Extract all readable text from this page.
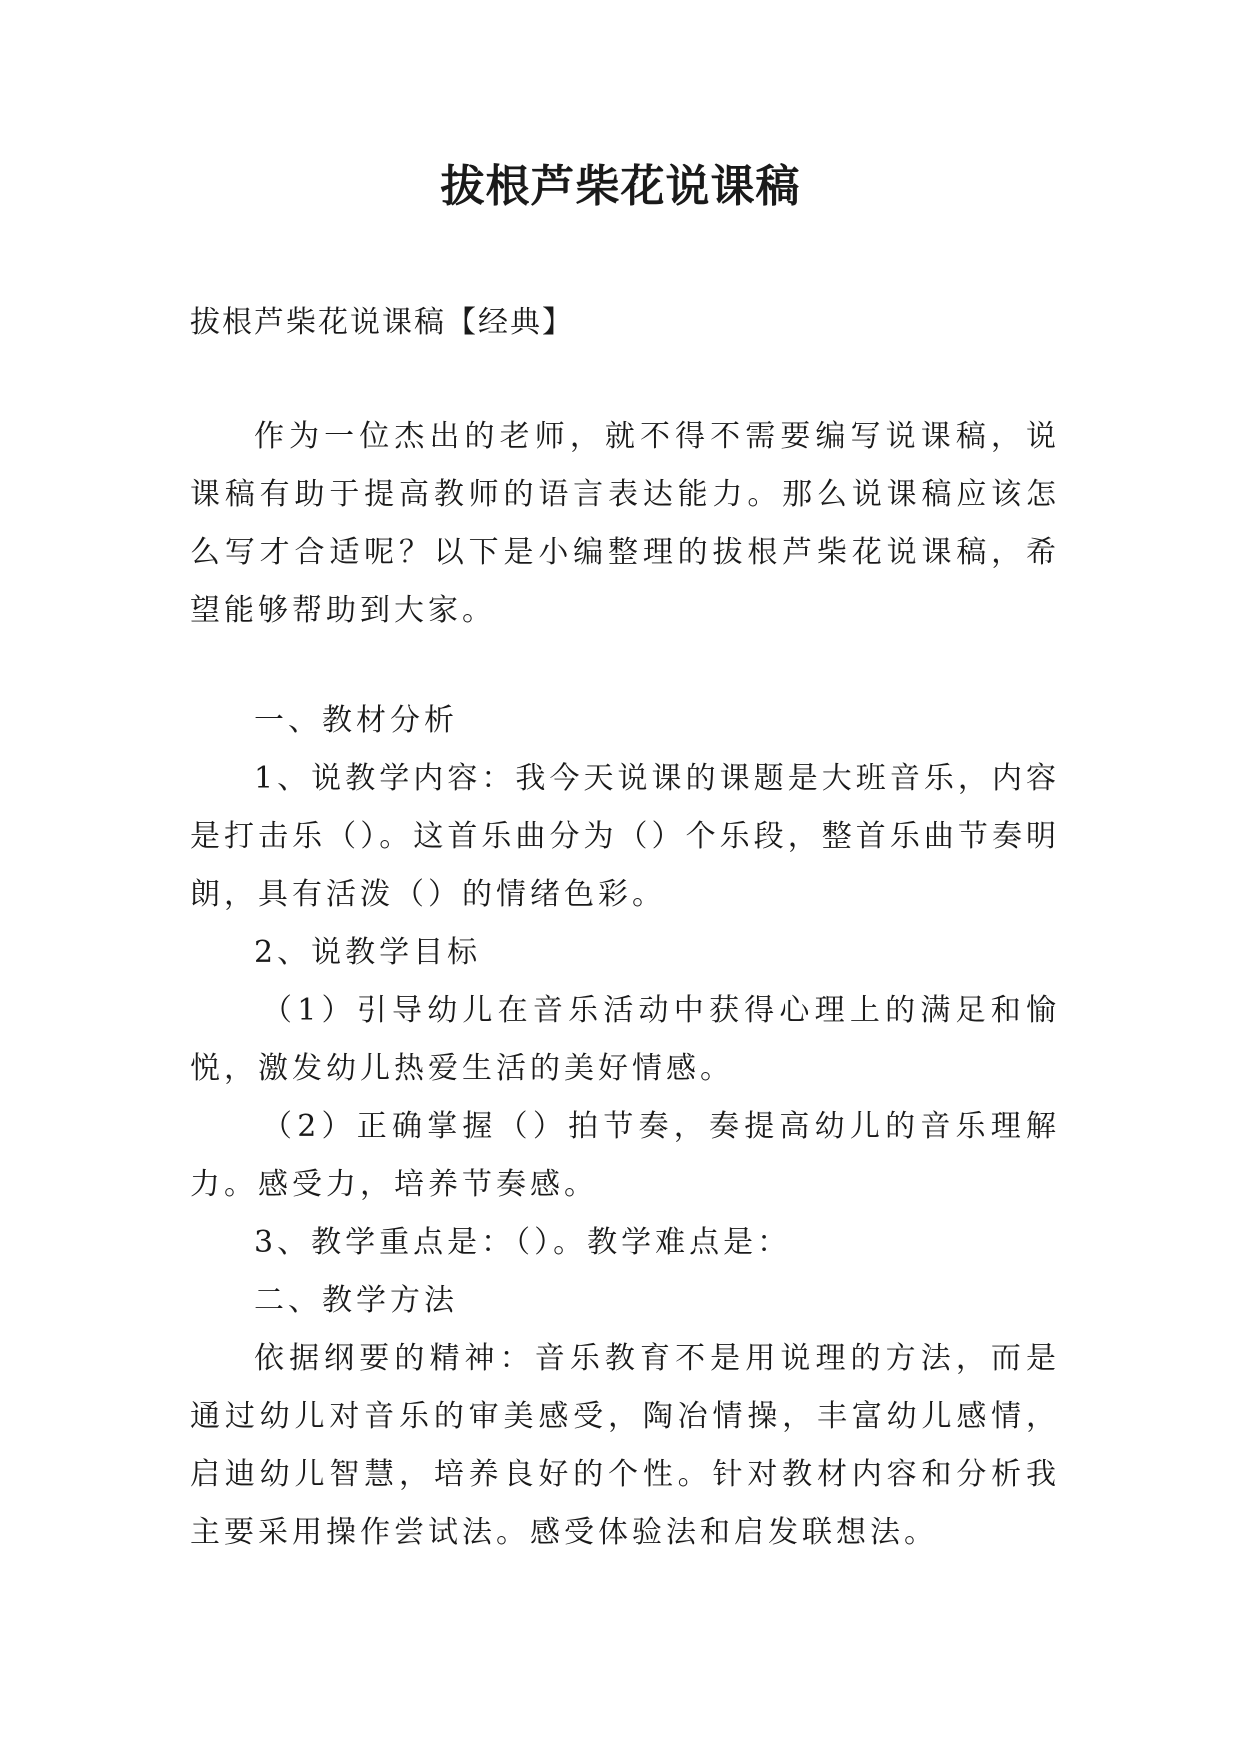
拔根芦柴花说课稿
拔根芦柴花说课稿【经典】

作为一位杰出的老师，就不得不需要编写说课稿，说课稿有助于提高教师的语言表达能力。那么说课稿应该怎么写才合适呢？以下是小编整理的拔根芦柴花说课稿，希望能够帮助到大家。

一、教材分析

1、说教学内容：我今天说课的课题是大班音乐，内容是打击乐（）。这首乐曲分为（）个乐段，整首乐曲节奏明朗，具有活泼（）的情绪色彩。

2、说教学目标

（1）引导幼儿在音乐活动中获得心理上的满足和愉悦，激发幼儿热爱生活的美好情感。

（2）正确掌握（）拍节奏，奏提高幼儿的音乐理解力。感受力，培养节奏感。

3、教学重点是：（）。教学难点是：

二、教学方法

依据纲要的精神：音乐教育不是用说理的方法，而是通过幼儿对音乐的审美感受，陶冶情操，丰富幼儿感情，启迪幼儿智慧，培养良好的个性。针对教材内容和分析我主要采用操作尝试法。感受体验法和启发联想法。
